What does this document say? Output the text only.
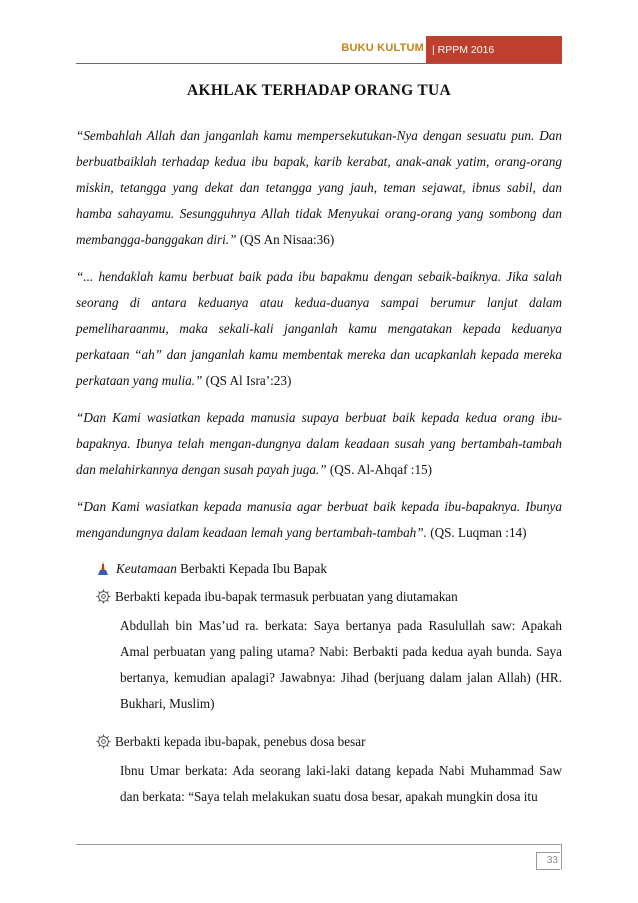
BUKU KULTUM | RPPM 2016
AKHLAK TERHADAP ORANG TUA

“Sembahlah Allah dan janganlah kamu mempersekutukan-Nya dengan sesuatu pun. Dan berbuatbaiklah terhadap kedua ibu bapak, karib kerabat, anak-anak yatim, orang-orang miskin, tetangga yang dekat dan tetangga yang jauh, teman sejawat, ibnus sabil, dan hamba sahayamu. Sesungguhnya Allah tidak Menyukai orang-orang yang sombong dan membangga-banggakan diri.” (QS An Nisaa:36)

“... hendaklah kamu berbuat baik pada ibu bapakmu dengan sebaik-baiknya. Jika salah seorang di antara keduanya atau kedua-duanya sampai berumur lanjut dalam pemeliharaanmu, maka sekali-kali janganlah kamu mengatakan kepada keduanya perkataan “ah” dan janganlah kamu membentak mereka dan ucapkanlah kepada mereka perkataan yang mulia.” (QS Al Isra’:23)

“Dan Kami wasiatkan kepada manusia supaya berbuat baik kepada kedua orang ibu-bapaknya. Ibunya telah mengan-dungnya dalam keadaan susah yang bertambah-tambah dan melahirkannya dengan susah payah juga.” (QS. Al-Ahqaf :15)

“Dan Kami wasiatkan kepada manusia agar berbuat baik kepada ibu-bapaknya. Ibunya mengandungnya dalam keadaan lemah yang bertambah-tambah”. (QS. Luqman :14)

Keutamaan Berbakti Kepada Ibu Bapak
Berbakti kepada ibu-bapak termasuk perbuatan yang diutamakan

Abdullah bin Mas’ud ra. berkata: Saya bertanya pada Rasulullah saw: Apakah Amal perbuatan yang paling utama? Nabi: Berbakti pada kedua ayah bunda. Saya bertanya, kemudian apalagi? Jawabnya: Jihad (berjuang dalam jalan Allah) (HR. Bukhari, Muslim)

Berbakti kepada ibu-bapak, penebus dosa besar

Ibnu Umar berkata: Ada seorang laki-laki datang kepada Nabi Muhammad Saw dan berkata: “Saya telah melakukan suatu dosa besar, apakah mungkin dosa itu

33
